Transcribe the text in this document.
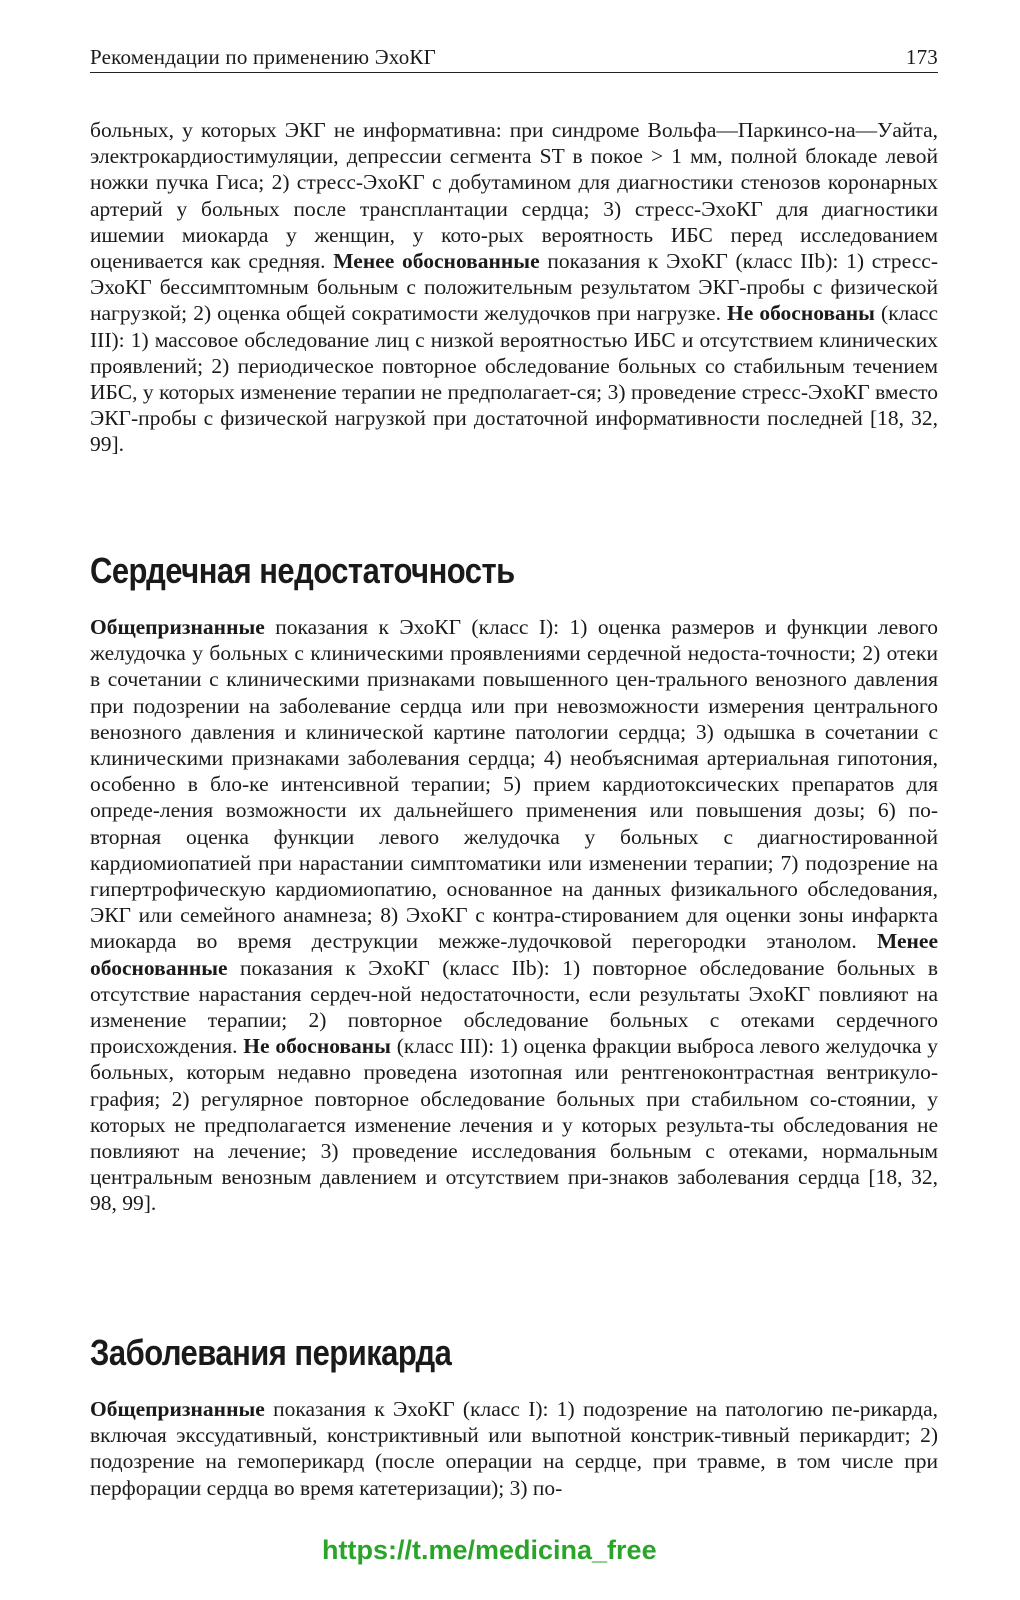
Рекомендации по применению ЭхоКГ	173

больных, у которых ЭКГ не информативна: при синдроме Вольфа—Паркинсо-на—Уайта, электрокардиостимуляции, депрессии сегмента ST в покое > 1 мм, полной блокаде левой ножки пучка Гиса; 2) стресс-ЭхоКГ с добутамином для диагностики стенозов коронарных артерий у больных после трансплантации сердца; 3) стресс-ЭхоКГ для диагностики ишемии миокарда у женщин, у кото-рых вероятность ИБС перед исследованием оценивается как средняя. Менее обоснованные показания к ЭхоКГ (класс IIb): 1) стресс-ЭхоКГ бессимптомным больным с положительным результатом ЭКГ-пробы с физической нагрузкой; 2) оценка общей сократимости желудочков при нагрузке. Не обоснованы (класс III): 1) массовое обследование лиц с низкой вероятностью ИБС и отсутствием клинических проявлений; 2) периодическое повторное обследование больных со стабильным течением ИБС, у которых изменение терапии не предполагает-ся; 3) проведение стресс-ЭхоКГ вместо ЭКГ-пробы с физической нагрузкой при достаточной информативности последней [18, 32, 99].

Сердечная недостаточность

Общепризнанные показания к ЭхоКГ (класс I): 1) оценка размеров и функции левого желудочка у больных с клиническими проявлениями сердечной недоста-точности; 2) отеки в сочетании с клиническими признаками повышенного цен-трального венозного давления при подозрении на заболевание сердца или при невозможности измерения центрального венозного давления и клинической картине патологии сердца; 3) одышка в сочетании с клиническими признаками заболевания сердца; 4) необъяснимая артериальная гипотония, особенно в бло-ке интенсивной терапии; 5) прием кардиотоксических препаратов для опреде-ления возможности их дальнейшего применения или повышения дозы; 6) по-вторная оценка функции левого желудочка у больных с диагностированной кардиомиопатией при нарастании симптоматики или изменении терапии; 7) подозрение на гипертрофическую кардиомиопатию, основанное на данных физикального обследования, ЭКГ или семейного анамнеза; 8) ЭхоКГ с контра-стированием для оценки зоны инфаркта миокарда во время деструкции межже-лудочковой перегородки этанолом. Менее обоснованные показания к ЭхоКГ (класс IIb): 1) повторное обследование больных в отсутствие нарастания сердеч-ной недостаточности, если результаты ЭхоКГ повлияют на изменение терапии; 2) повторное обследование больных с отеками сердечного происхождения. Не обоснованы (класс III): 1) оценка фракции выброса левого желудочка у больных, которым недавно проведена изотопная или рентгеноконтрастная вентрикуло-графия; 2) регулярное повторное обследование больных при стабильном со-стоянии, у которых не предполагается изменение лечения и у которых результа-ты обследования не повлияют на лечение; 3) проведение исследования больным с отеками, нормальным центральным венозным давлением и отсутствием при-знаков заболевания сердца [18, 32, 98, 99].

Заболевания перикарда

Общепризнанные показания к ЭхоКГ (класс I): 1) подозрение на патологию пе-рикарда, включая экссудативный, констриктивный или выпотной констрик-тивный перикардит; 2) подозрение на гемоперикард (после операции на сердце, при травме, в том числе при перфорации сердца во время катетеризации); 3) по-

https://t.me/medicina_free
